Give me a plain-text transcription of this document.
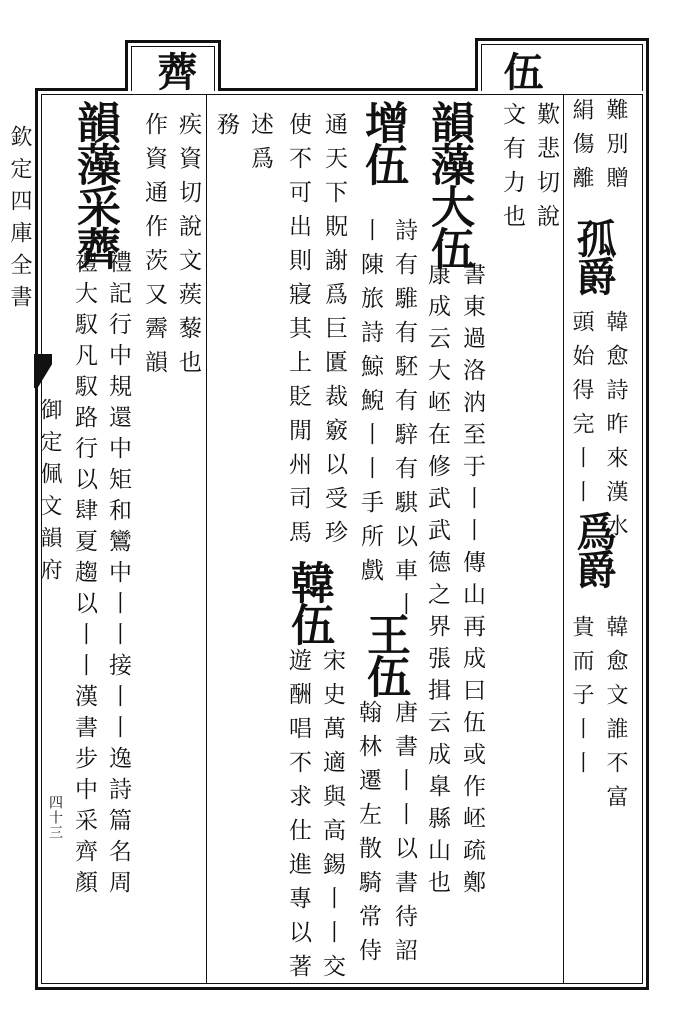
薺	伍
欽定四庫全書
御定佩文韻府
四十三
難別贈
絹傷離
孤爵
韓愈詩昨來漢水
頭始得完丨丨
爲爵
韓愈文誰不富
貴而子丨丨
歎悲切說
文有力也
韻藻大伍
書東過洛汭至于丨丨傳山再成曰伍或作岯疏鄭
康成云大岯在修武武德之界張揖云成臯縣山也
增伍
詩有騅有駓有騂有騏以車丨
丨陳旅詩鯨鯢丨丨手所戲
王伍
唐書丨丨以書待詔
通天下貺謝爲巨匱裁竅以受珍
翰林遷左散騎常侍
韓伍
宋史萬適與高錫丨丨交
使不可出則寢其上貶閒州司馬
遊酬唱不求仕進專以著
述爲
務
疾資切說文蒺藜也
作資通作茨又霽韻
韻藻采薺
禮記行中規還中矩和鸞中丨丨接丨丨逸詩篇名周
禮大馭凡馭路行以肆夏趨以丨丨漢書步中采齊顏
